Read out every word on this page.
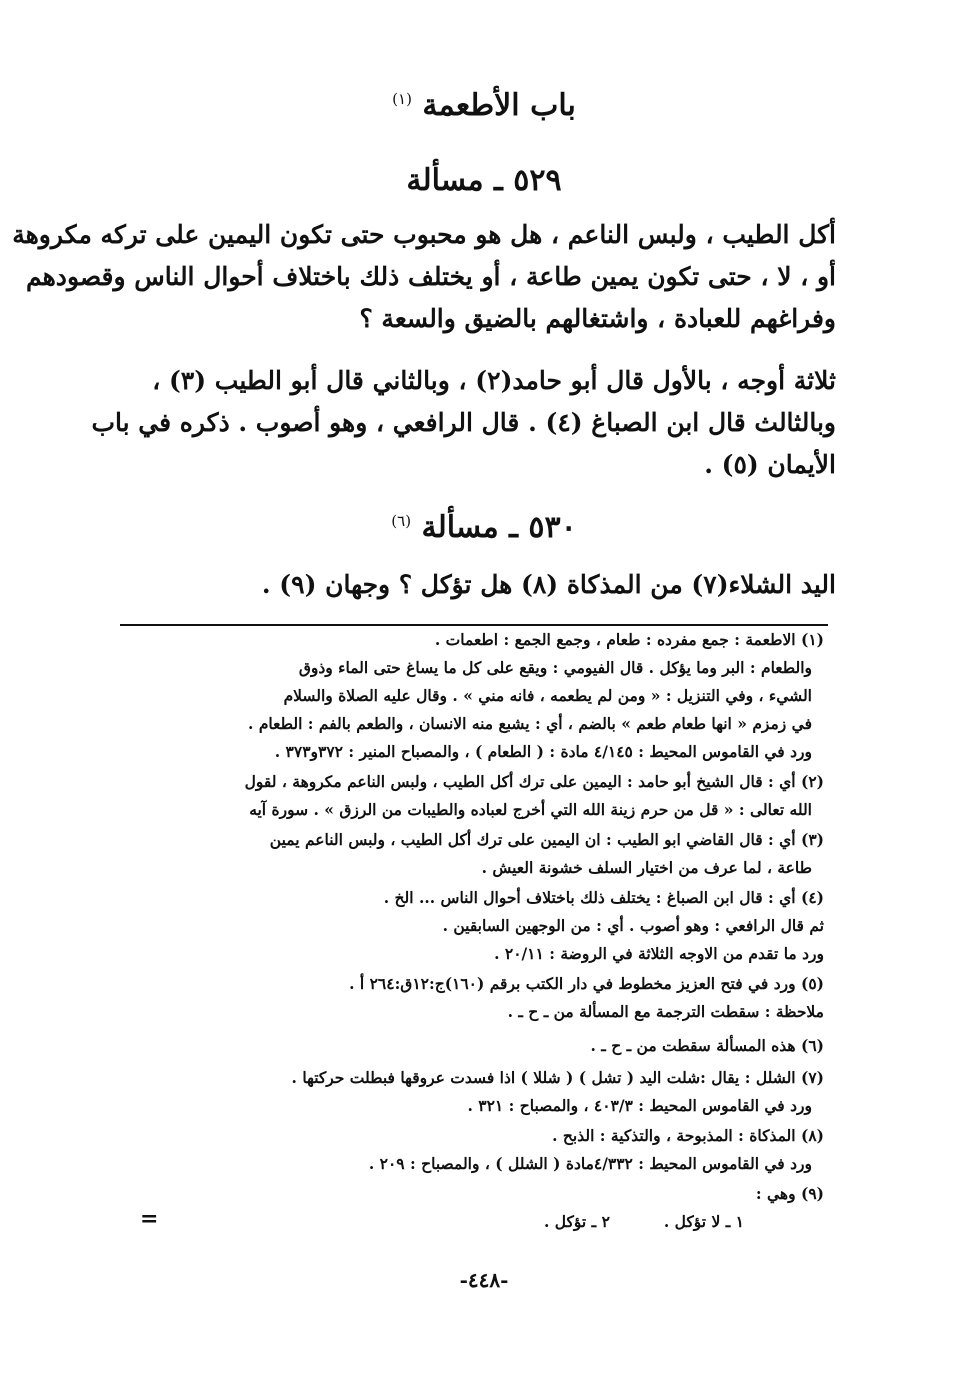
باب الأطعمة $^{(١)}$
٥٢٩ ـ مسألة
أكل الطيب ، ولبس الناعم ، هل هو محبوب حتى تكون اليمين على تركه مكروهة
أو ، لا ، حتى تكون يمين طاعة ، أو يختلف ذلك باختلاف أحوال الناس وقصودهم
وفراغهم للعبادة ، واشتغالهم بالضيق والسعة ؟
ثلاثة أوجه ، بالأول قال أبو حامد(٢) ، وبالثاني قال أبو الطيب (٣) ،
وبالثالث قال ابن الصباغ (٤) . قال الرافعي ، وهو أصوب . ذكره في باب
الأيمان (٥) .
٥٣٠ ـ مسألة $^{(٦)}$
اليد الشلاء(٧) من المذكاة (٨) هل تؤكل ؟ وجهان (٩) .
(١) الاطعمة : جمع مفرده : طعام ، وجمع الجمع : اطعمات .
والطعام : البر وما يؤكل . قال الفيومي : ويقع على كل ما يساغ حتى الماء وذوق
الشيء ، وفي التنزيل : « ومن لم يطعمه ، فانه مني » . وقال عليه الصلاة والسلام
في زمزم « انها طعام طعم » بالضم ، أي : يشبع منه الانسان ، والطعم بالفم : الطعام .
ورد في القاموس المحيط : ٤/١٤٥ مادة : ( الطعام ) ، والمصباح المنير : ٣٧٢و٣٧٣ .
(٢) أي : قال الشيخ أبو حامد : اليمين على ترك أكل الطيب ، ولبس الناعم مكروهة ، لقول
الله تعالى : « قل من حرم زينة الله التي أخرج لعباده والطيبات من الرزق » . سورة آيه
(٣) أي : قال القاضي ابو الطيب : ان اليمين على ترك أكل الطيب ، ولبس الناعم يمين
طاعة ، لما عرف من اختيار السلف خشونة العيش .
(٤) أي : قال ابن الصباغ : يختلف ذلك باختلاف أحوال الناس ... الخ .
ثم قال الرافعي : وهو أصوب . أي : من الوجهين السابقين .
ورد ما تقدم من الاوجه الثلاثة في الروضة : ٢٠/١١ .
(٥) ورد في فتح العزيز مخطوط في دار الكتب برقم (١٦٠)ج:١٢ق:٢٦٤ أ .
ملاحظة : سقطت الترجمة مع المسألة من ـ ح ـ .
(٦) هذه المسألة سقطت من ـ ح ـ .
(٧) الشلل : يقال :شلت اليد ( تشل ) ( شللا ) اذا فسدت عروقها فبطلت حركتها .
ورد في القاموس المحيط : ٤٠٣/٣ ، والمصباح : ٣٢١ .
(٨) المذكاة : المذبوحة ، والتذكية : الذبح .
ورد في القاموس المحيط : ٤/٣٣٢مادة ( الشلل ) ، والمصباح : ٢٠٩ .
(٩) وهي :
١ ـ لا تؤكل .          ٢ ـ تؤكل .
=
-٤٤٨-
